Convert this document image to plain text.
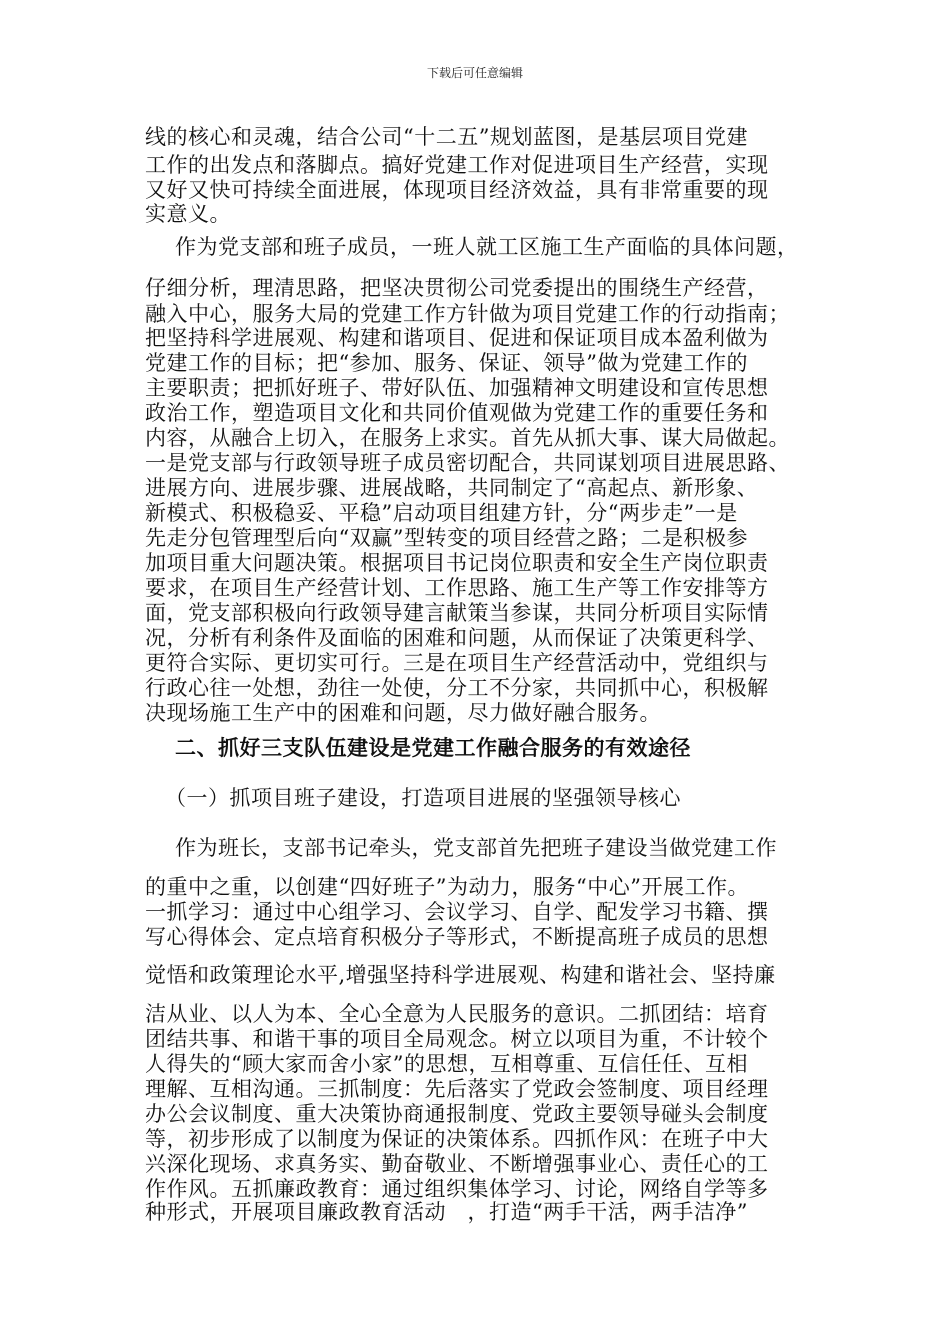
下载后可任意编辑
线的核心和灵魂，结合公司“十二五”规划蓝图，是基层项目党建
工作的出发点和落脚点。搞好党建工作对促进项目生产经营，实现
又好又快可持续全面进展，体现项目经济效益，具有非常重要的现
实意义。
作为党支部和班子成员，一班人就工区施工生产面临的具体问题，
仔细分析，理清思路，把坚决贯彻公司党委提出的围绕生产经营，
融入中心，服务大局的党建工作方针做为项目党建工作的行动指南；
把坚持科学进展观、构建和谐项目、促进和保证项目成本盈利做为
党建工作的目标；把“参加、服务、保证、领导”做为党建工作的
主要职责；把抓好班子、带好队伍、加强精神文明建设和宣传思想
政治工作，塑造项目文化和共同价值观做为党建工作的重要任务和
内容，从融合上切入，在服务上求实。首先从抓大事、谋大局做起。
一是党支部与行政领导班子成员密切配合，共同谋划项目进展思路、
进展方向、进展步骤、进展战略，共同制定了“高起点、新形象、
新模式、积极稳妥、平稳”启动项目组建方针，分“两步走”一是
先走分包管理型后向“双赢”型转变的项目经营之路；二是积极参
加项目重大问题决策。根据项目书记岗位职责和安全生产岗位职责
要求，在项目生产经营计划、工作思路、施工生产等工作安排等方
面，党支部积极向行政领导建言献策当参谋，共同分析项目实际情
况，分析有利条件及面临的困难和问题，从而保证了决策更科学、
更符合实际、更切实可行。三是在项目生产经营活动中，党组织与
行政心往一处想，劲往一处使，分工不分家，共同抓中心，积极解
决现场施工生产中的困难和问题，尽力做好融合服务。
二、抓好三支队伍建设是党建工作融合服务的有效途径
（一）抓项目班子建设，打造项目进展的坚强领导核心
作为班长，支部书记牵头，党支部首先把班子建设当做党建工作
的重中之重，以创建“四好班子”为动力，服务“中心”开展工作。
一抓学习：通过中心组学习、会议学习、自学、配发学习书籍、撰
写心得体会、定点培育积极分子等形式，不断提高班子成员的思想
觉悟和政策理论水平,增强坚持科学进展观、构建和谐社会、坚持廉
洁从业、以人为本、全心全意为人民服务的意识。二抓团结：培育
团结共事、和谐干事的项目全局观念。树立以项目为重，不计较个
人得失的“顾大家而舍小家”的思想，互相尊重、互信任任、互相
理解、互相沟通。三抓制度：先后落实了党政会签制度、项目经理
办公会议制度、重大决策协商通报制度、党政主要领导碰头会制度
等，初步形成了以制度为保证的决策体系。四抓作风：在班子中大
兴深化现场、求真务实、勤奋敬业、不断增强事业心、责任心的工
作作风。五抓廉政教育：通过组织集体学习、讨论，网络自学等多
种形式，开展项目廉政教育活动　，打造“两手干活，两手洁净”
